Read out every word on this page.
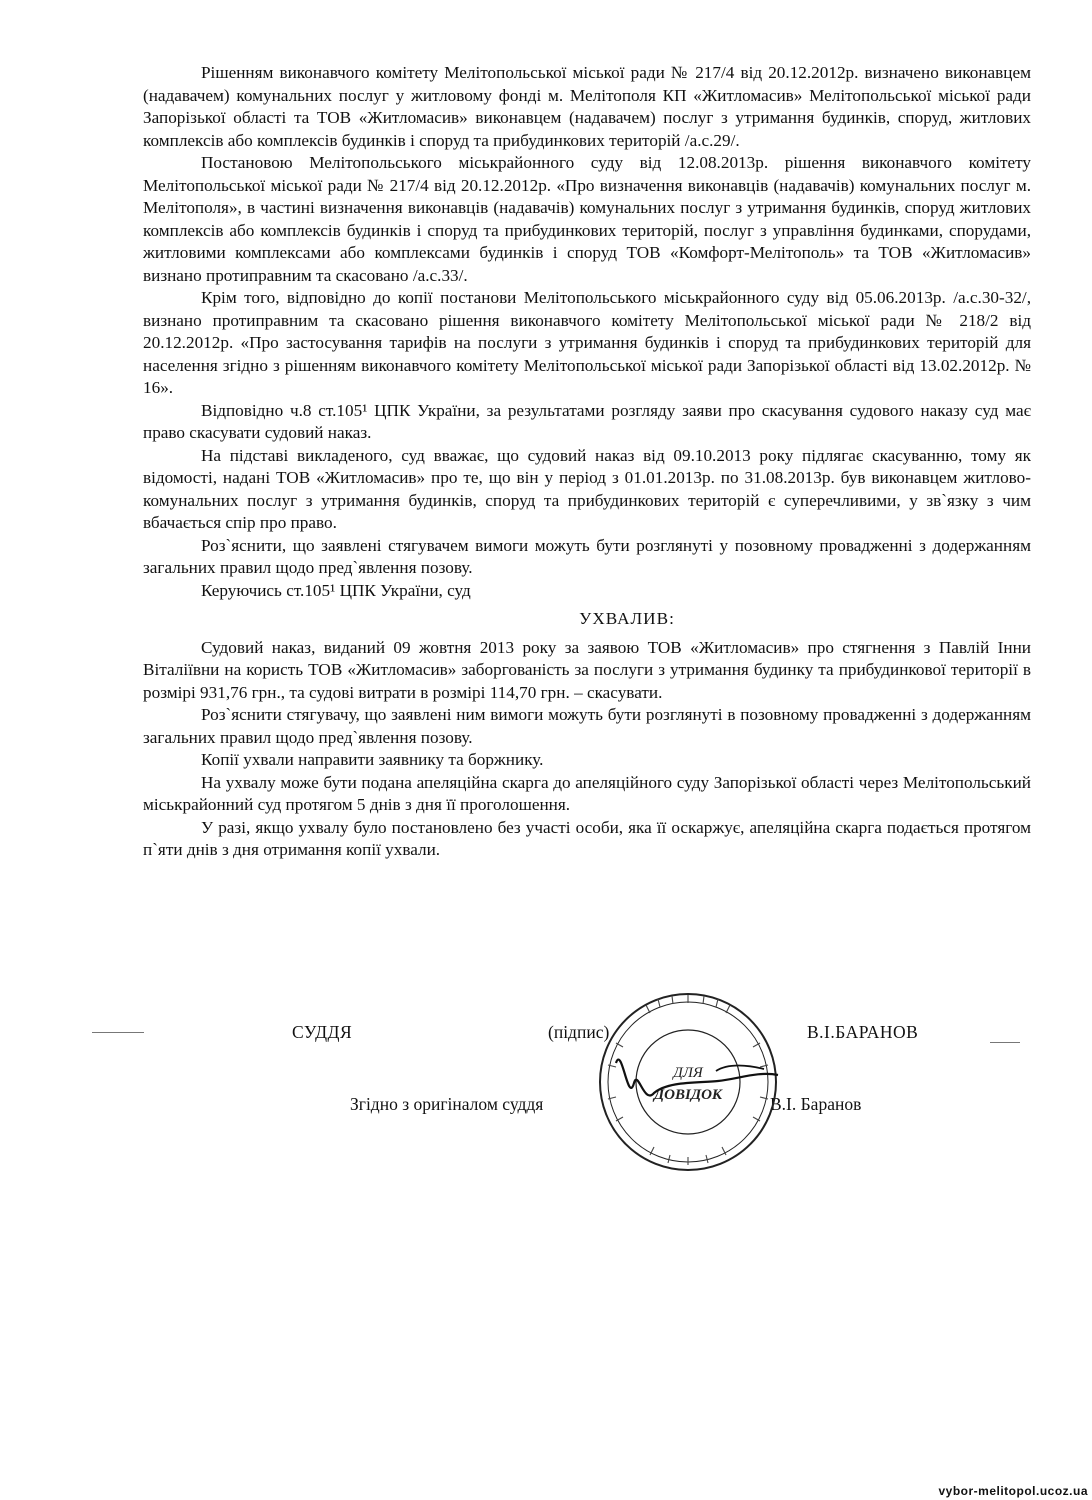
Рішенням виконавчого комітету Мелітопольської міської ради № 217/4 від 20.12.2012р. визначено виконавцем (надавачем) комунальних послуг у житловому фонді м. Мелітополя КП «Житломасив» Мелітопольської міської ради Запорізької області та ТОВ «Житломасив» виконавцем (надавачем) послуг з утримання будинків, споруд, житлових комплексів або комплексів будинків і споруд та прибудинкових територій /а.с.29/.

Постановою Мелітопольського міськрайонного суду від 12.08.2013р. рішення виконавчого комітету Мелітопольської міської ради № 217/4 від 20.12.2012р. «Про визначення виконавців (надавачів) комунальних послуг м. Мелітополя», в частині визначення виконавців (надавачів) комунальних послуг з утримання будинків, споруд житлових комплексів або комплексів будинків і споруд та прибудинкових територій, послуг з управління будинками, спорудами, житловими комплексами або комплексами будинків і споруд ТОВ «Комфорт-Мелітополь» та ТОВ «Житломасив» визнано протиправним та скасовано /а.с.33/.

Крім того, відповідно до копії постанови Мелітопольського міськрайонного суду від 05.06.2013р. /а.с.30-32/, визнано протиправним та скасовано рішення виконавчого комітету Мелітопольської міської ради № 218/2 від 20.12.2012р. «Про застосування тарифів на послуги з утримання будинків і споруд та прибудинкових територій для населення згідно з рішенням виконавчого комітету Мелітопольської міської ради Запорізької області від 13.02.2012р. № 16».

Відповідно ч.8 ст.105¹ ЦПК України, за результатами розгляду заяви про скасування судового наказу суд має право скасувати судовий наказ.

На підставі викладеного, суд вважає, що судовий наказ від 09.10.2013 року підлягає скасуванню, тому як відомості, надані ТОВ «Житломасив» про те, що він у період з 01.01.2013р. по 31.08.2013р. був виконавцем житлово-комунальних послуг з утримання будинків, споруд та прибудинкових територій є суперечливими, у зв`язку з чим вбачається спір про право.

Роз`яснити, що заявлені стягувачем вимоги можуть бути розглянуті у позовному провадженні з додержанням загальних правил щодо пред`явлення позову.

Керуючись ст.105¹ ЦПК України, суд

УХВАЛИВ:

Судовий наказ, виданий 09 жовтня 2013 року за заявою ТОВ «Житломасив» про стягнення з Павлій Інни Віталіївни на користь ТОВ «Житломасив» заборгованість за послуги з утримання будинку та прибудинкової території в розмірі 931,76 грн., та судові витрати в розмірі 114,70 грн. – скасувати.

Роз`яснити стягувачу, що заявлені ним вимоги можуть бути розглянуті в позовному провадженні з додержанням загальних правил щодо пред`явлення позову.

Копії ухвали направити заявнику та боржнику.

На ухвалу може бути подана апеляційна скарга до апеляційного суду Запорізької області через Мелітопольський міськрайонний суд протягом 5 днів з дня її проголошення.

У разі, якщо ухвалу було постановлено без участі особи, яка її оскаржує, апеляційна скарга подається протягом п`яти днів з дня отримання копії ухвали.

СУДДЯ	(підпис)	В.І.БАРАНОВ
Згідно з оригіналом суддя	В.І. Баранов
ДЛЯ
ДОВІДОК
vybor-melitopol.ucoz.ua
